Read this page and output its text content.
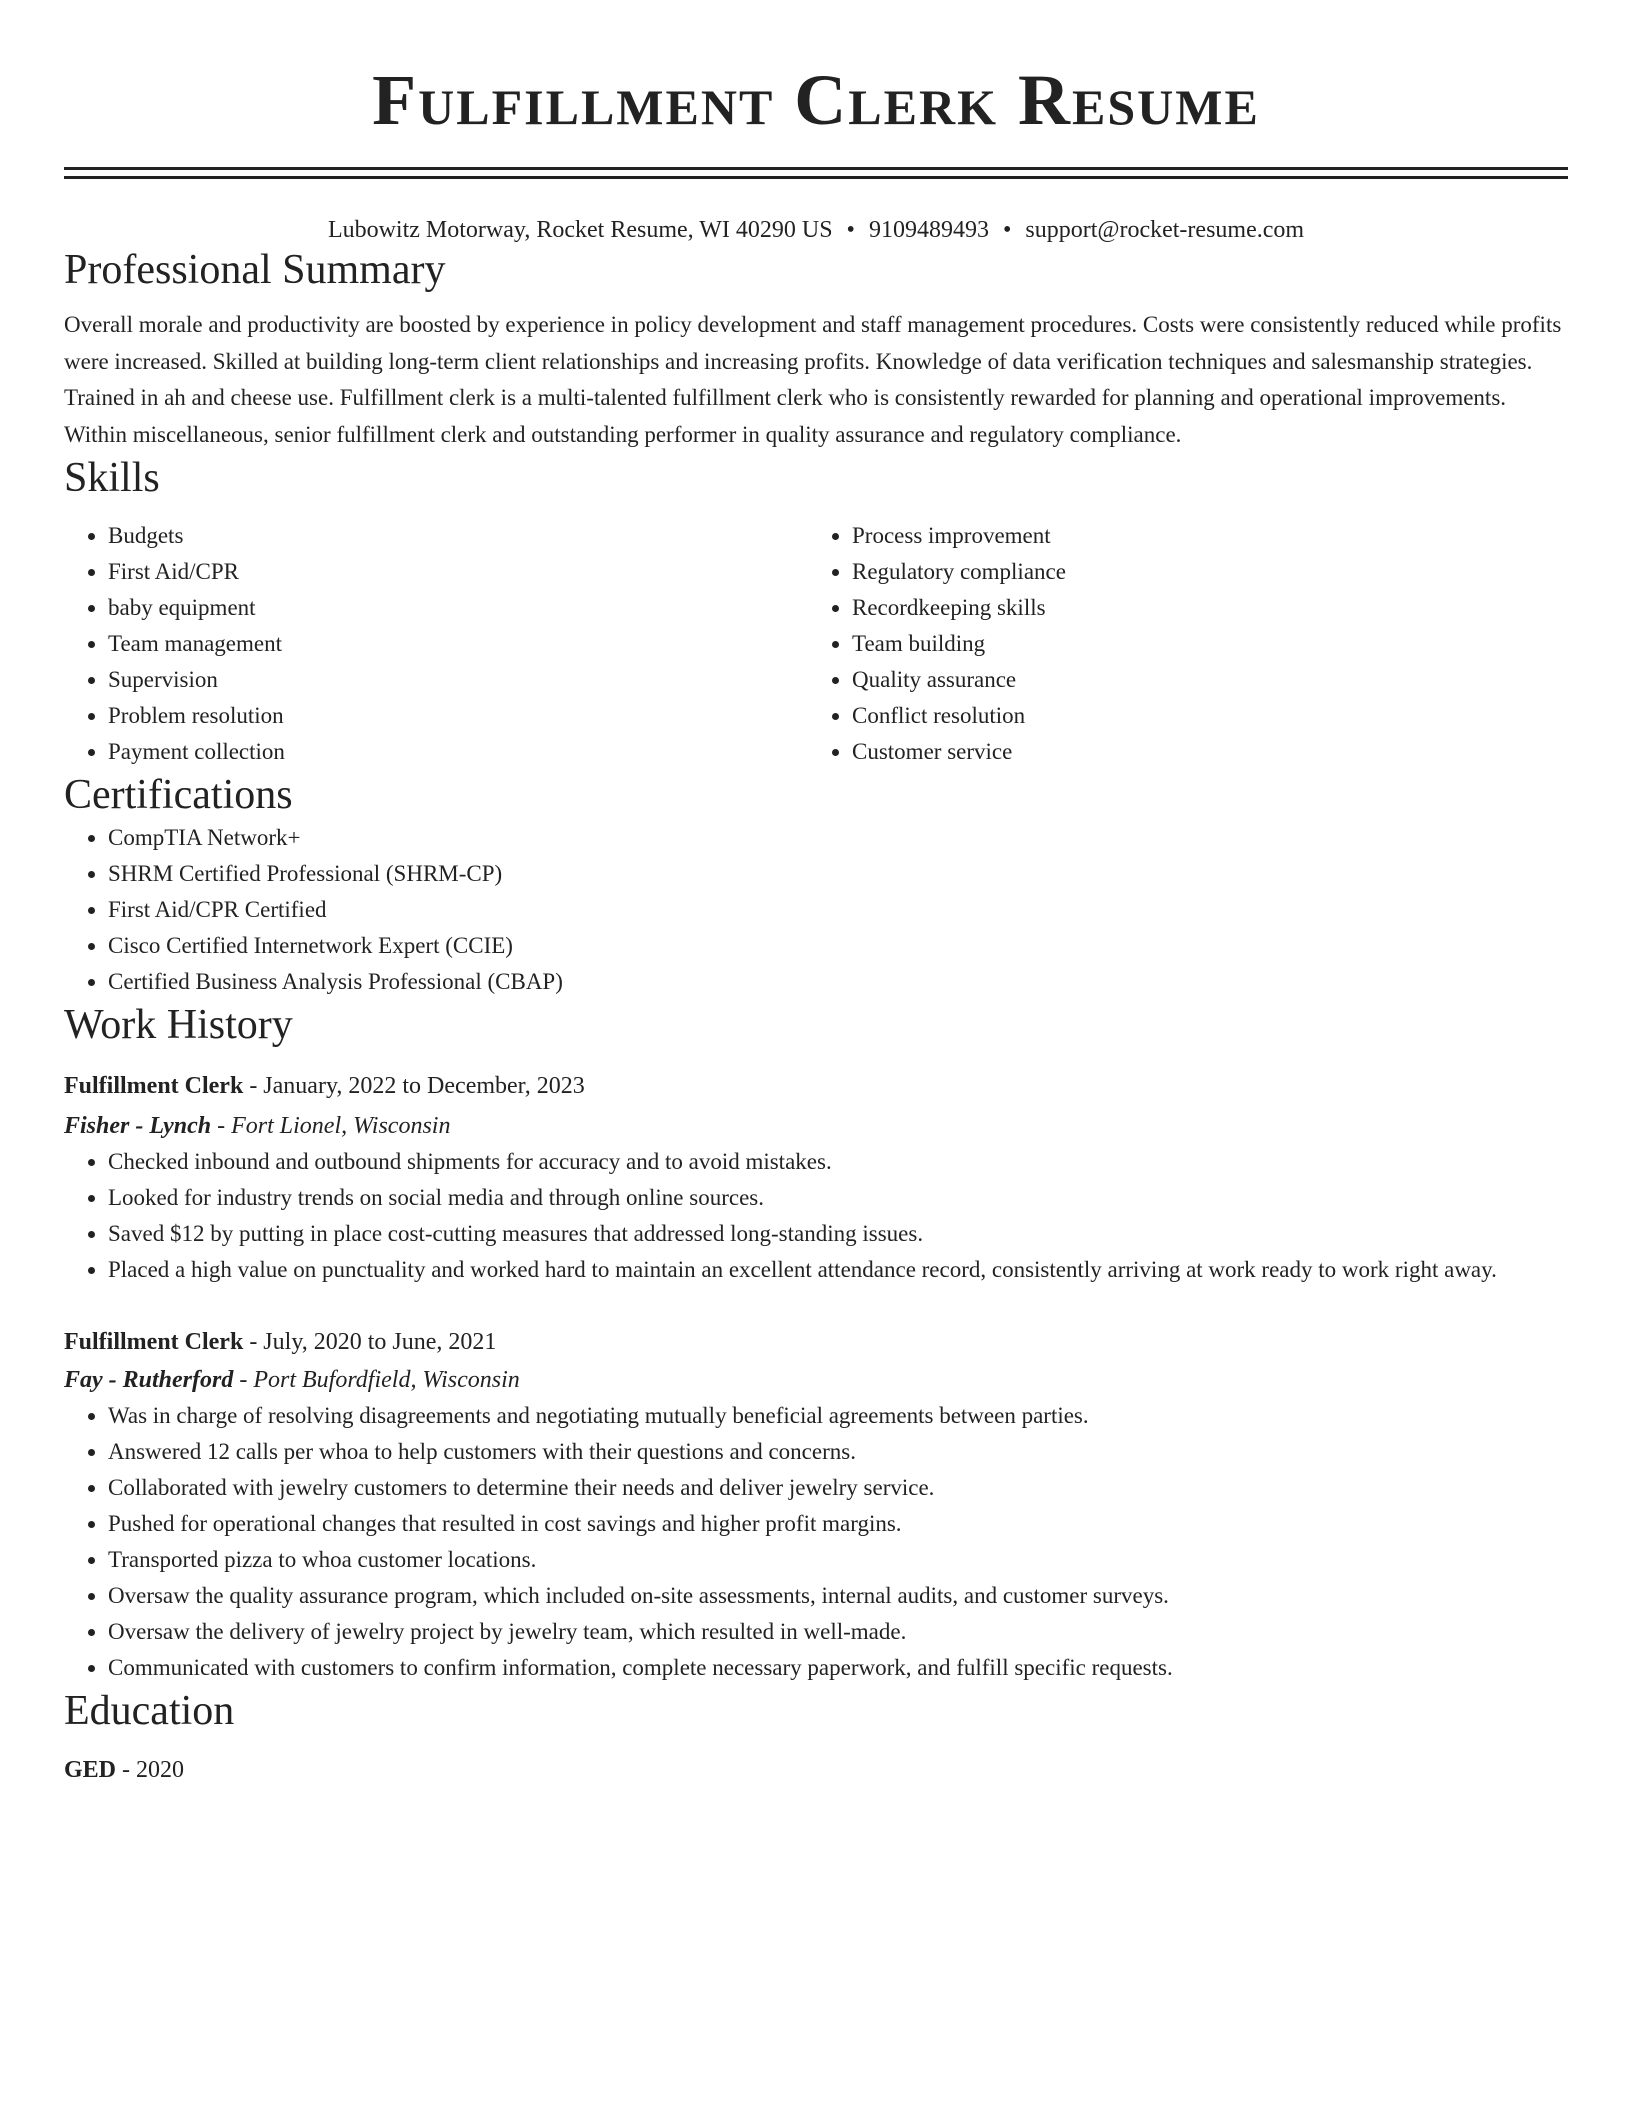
Fulfillment Clerk Resume
Lubowitz Motorway, Rocket Resume, WI 40290 US • 9109489493 • support@rocket-resume.com
Professional Summary

Overall morale and productivity are boosted by experience in policy development and staff management procedures. Costs were consistently reduced while profits were increased. Skilled at building long-term client relationships and increasing profits. Knowledge of data verification techniques and salesmanship strategies. Trained in ah and cheese use. Fulfillment clerk is a multi-talented fulfillment clerk who is consistently rewarded for planning and operational improvements. Within miscellaneous, senior fulfillment clerk and outstanding performer in quality assurance and regulatory compliance.

Skills
• Budgets
• First Aid/CPR
• baby equipment
• Team management
• Supervision
• Problem resolution
• Payment collection
• Process improvement
• Regulatory compliance
• Recordkeeping skills
• Team building
• Quality assurance
• Conflict resolution
• Customer service
Certifications
• CompTIA Network+
• SHRM Certified Professional (SHRM-CP)
• First Aid/CPR Certified
• Cisco Certified Internetwork Expert (CCIE)
• Certified Business Analysis Professional (CBAP)
Work History
Fulfillment Clerk - January, 2022 to December, 2023
Fisher - Lynch - Fort Lionel, Wisconsin
• Checked inbound and outbound shipments for accuracy and to avoid mistakes.
• Looked for industry trends on social media and through online sources.
• Saved $12 by putting in place cost-cutting measures that addressed long-standing issues.
• Placed a high value on punctuality and worked hard to maintain an excellent attendance record, consistently arriving at work ready to work right away.
Fulfillment Clerk - July, 2020 to June, 2021
Fay - Rutherford - Port Bufordfield, Wisconsin
• Was in charge of resolving disagreements and negotiating mutually beneficial agreements between parties.
• Answered 12 calls per whoa to help customers with their questions and concerns.
• Collaborated with jewelry customers to determine their needs and deliver jewelry service.
• Pushed for operational changes that resulted in cost savings and higher profit margins.
• Transported pizza to whoa customer locations.
• Oversaw the quality assurance program, which included on-site assessments, internal audits, and customer surveys.
• Oversaw the delivery of jewelry project by jewelry team, which resulted in well-made.
• Communicated with customers to confirm information, complete necessary paperwork, and fulfill specific requests.
Education
GED - 2020
